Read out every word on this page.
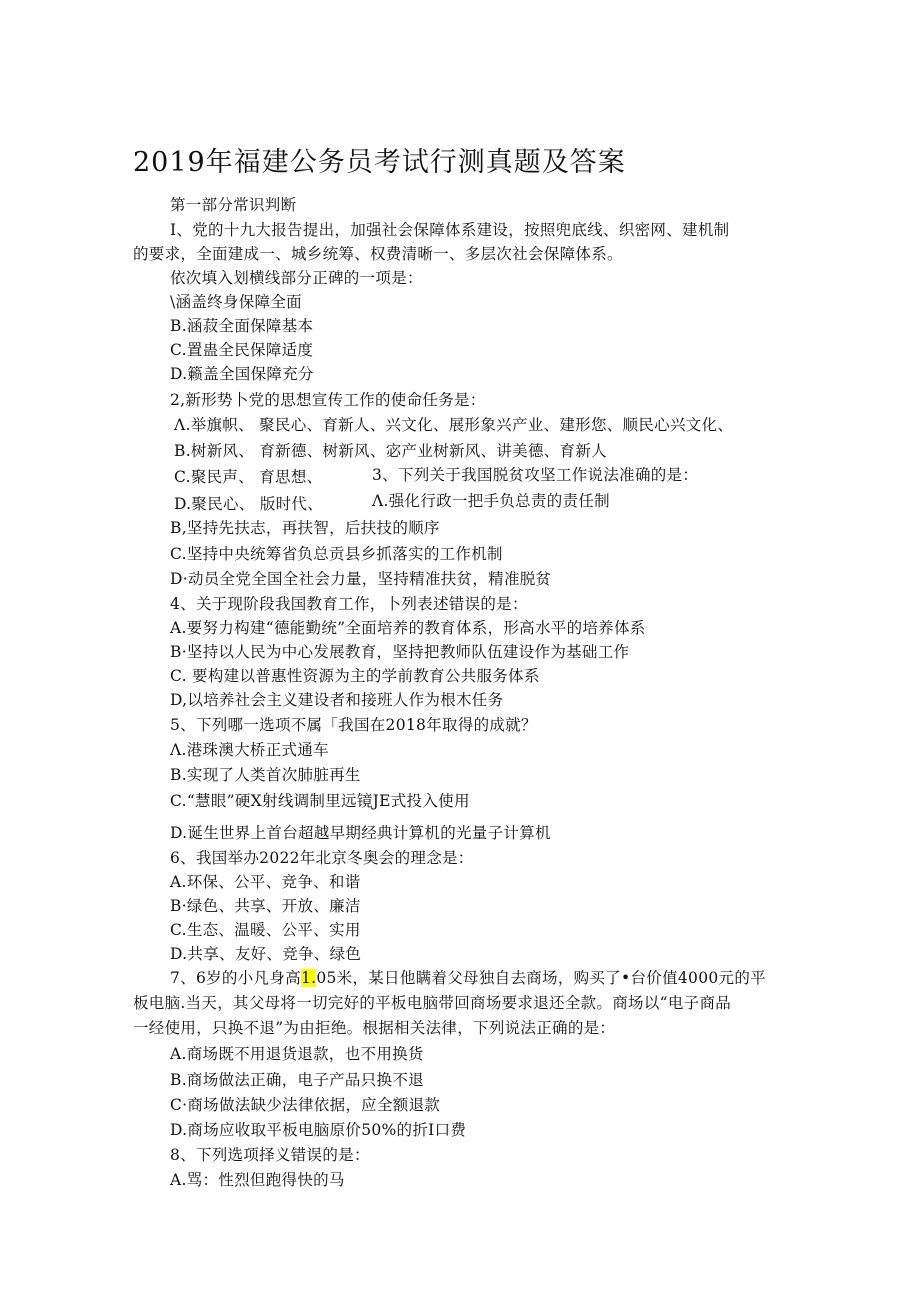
2019年福建公务员考试行测真题及答案
第一部分常识判断
I、党的十九大报告提出，加强社会保障体系建设，按照兜底线、织密网、建机制
的要求，全面建成一、城乡统筹、权费清晰一、多层次社会保障体系。
依次填入划横线部分正碑的一项是：
\涵盖终身保障全面
B.涵菽全面保障基本
C.置蛊全民保障适度
D.籁盖全国保障充分
2,新形势卜党的思想宣传工作的使命任务是：
Λ.举旗帜、 聚民心、育新人、兴文化、展形象兴产业、建形您、顺民心兴文化、
B.树新风、 育新德、树新风、宓产业树新风、讲美德、育新人
C.聚民声、 育思想、	3、下列关于我国脱贫攻坚工作说法准确的是：
D.聚民心、 版时代、	Λ.强化行政一把手负总责的责任制
B,坚持先扶志，再扶智，后扶技的顺序
C.坚持中央统筹省负总贡县乡抓落实的工作机制
D·动员全党全国全社会力量，坚持精准扶贫，精准脱贫
4、关于现阶段我国教育工作，卜列表述错误的是：
A.要努力构建“德能勤统”全面培养的教育体系，形高水平的培养体系
B·坚持以人民为中心发展教育，坚持把教师队伍建设作为基础工作
C. 要构建以普惠性资源为主的学前教育公共服务体系
D,以培养社会主义建设者和接班人作为根木任务
5、下列哪一选项不属「我国在2018年取得的成就？
Λ.港珠澳大桥正式通车
B.实现了人类首次肺脏再生
C.“慧眼”硬X射线调制里远镜JE式投入使用
D.诞生世界上首台超越早期经典计算机的光量子计算机
6、我国举办2022年北京冬奥会的理念是：
A.环保、公平、竞争、和谐
B·绿色、共享、开放、廉洁
C.生态、温暖、公平、实用
D.共享、友好、竞争、绿色
7、6岁的小凡身高1.05米，某日他瞒着父母独自去商场，购买了•台价值4000元的平
板电脑.当天，其父母将一切完好的平板电脑带回商场要求退还全款。商场以“电子商品
一经使用，只换不退”为由拒绝。根据相关法律，下列说法正确的是：
A.商场既不用退货退款，也不用换货
B.商场做法正确，电子产品只换不退
C·商场做法缺少法律依据，应全额退款
D.商场应收取平板电脑原价50%的折I口费
8、下列选项择义错误的是：
A.骂：性烈但跑得快的马
